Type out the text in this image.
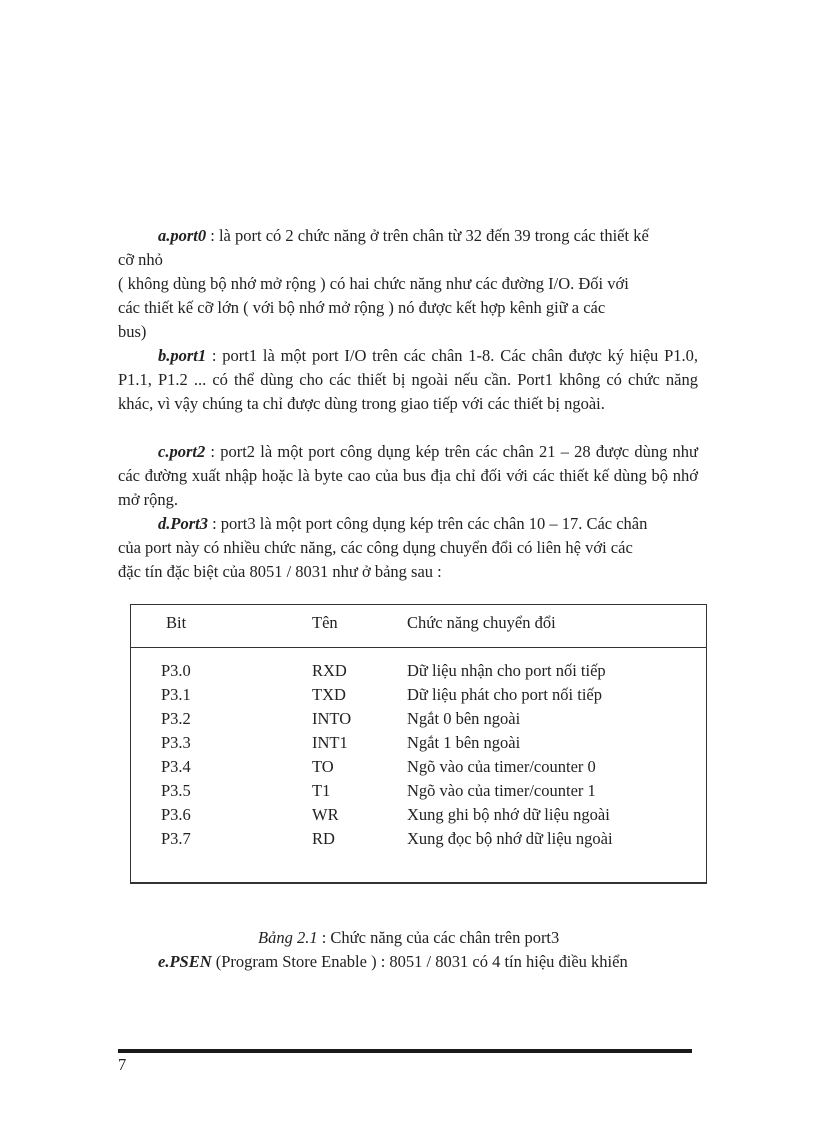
a.port0 : là port có 2 chức năng ở trên chân từ 32 đến 39 trong các thiết kế
cỡ nhỏ
( không dùng bộ nhớ mở rộng ) có hai chức năng như các đường I/O. Đối với
các thiết kế cỡ lớn ( với bộ nhớ mở rộng ) nó được kết hợp kênh giữ a các
bus)

b.port1 : port1 là một port I/O trên các chân 1-8. Các chân được ký hiệu P1.0, P1.1, P1.2 ... có thể dùng cho các thiết bị ngoài nếu cần. Port1 không có chức năng khác, vì vậy chúng ta chỉ được dùng trong giao tiếp với các thiết bị ngoài.

c.port2 : port2 là một port công dụng kép trên các chân 21 – 28 được dùng như các đường xuất nhập hoặc là byte cao của bus địa chỉ đối với các thiết kế dùng bộ nhớ mở rộng.

d.Port3 : port3 là một port công dụng kép trên các chân 10 – 17. Các chân
của port này có nhiều chức năng, các công dụng chuyển đổi có liên hệ với các
đặc tín đặc biệt của 8051 / 8031 như ở bảng sau :
Bit	Tên	Chức năng chuyển đổi
P3.0	RXD	Dữ liệu nhận cho port nối tiếp
P3.1	TXD	Dữ liệu phát cho port nối tiếp
P3.2	INTO	Ngắt 0 bên ngoài
P3.3	INT1	Ngắt 1 bên ngoài
P3.4	TO	Ngõ vào của timer/counter 0
P3.5	T1	Ngõ vào của timer/counter 1
P3.6	WR	Xung ghi bộ nhớ dữ liệu ngoài
P3.7	RD	Xung đọc bộ nhớ dữ liệu ngoài
Bảng 2.1 : Chức năng của các chân trên port3
e.PSEN (Program Store Enable ) : 8051 / 8031 có 4 tín hiệu điều khiển
7
